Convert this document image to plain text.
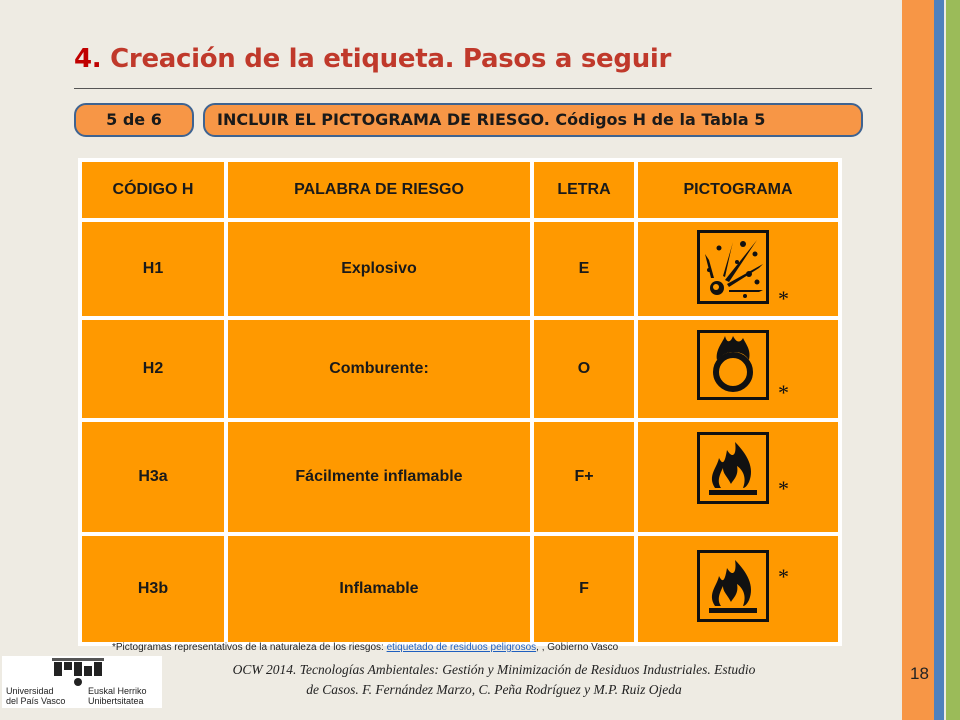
4. Creación de la etiqueta. Pasos a seguir
5 de 6	INCLUIR EL PICTOGRAMA DE RIESGO. Códigos H de la Tabla 5
CÓDIGO H	PALABRA DE RIESGO	LETRA	PICTOGRAMA
H1	Explosivo	E
H2	Comburente:	O
H3a	Fácilmente inflamable	F+
H3b	Inflamable	F
*
*
*
*
*Pictogramas representativos de la naturaleza de los riesgos: etiquetado de residuos peligrosos, , Gobierno Vasco
OCW 2014. Tecnologías Ambientales: Gestión y Minimización de Residuos Industriales. Estudio
de Casos. F. Fernández Marzo, C. Peña Rodríguez y M.P. Ruiz Ojeda
18
Universidad
del País Vasco
Euskal Herriko
Unibertsitatea
